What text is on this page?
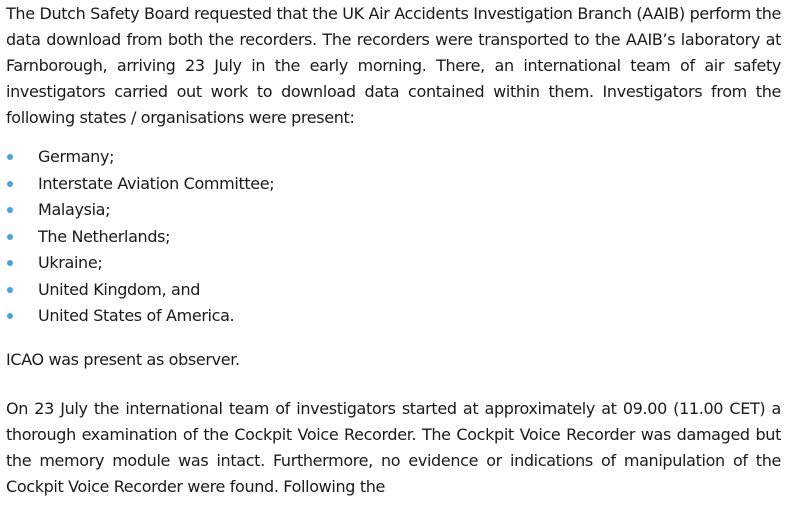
The Dutch Safety Board requested that the UK Air Accidents Investigation Branch (AAIB) perform the data download from both the recorders. The recorders were transported to the AAIB’s laboratory at Farnborough, arriving 23 July in the early morning. There, an international team of air safety investigators carried out work to download data contained within them. Investigators from the following states / organisations were present:

Germany;
Interstate Aviation Committee;
Malaysia;
The Netherlands;
Ukraine;
United Kingdom, and
United States of America.

ICAO was present as observer.

On 23 July the international team of investigators started at approximately at 09.00 (11.00 CET) a thorough examination of the Cockpit Voice Recorder. The Cockpit Voice Recorder was damaged but the memory module was intact. Furthermore, no evidence or indications of manipulation of the Cockpit Voice Recorder were found. Following the
